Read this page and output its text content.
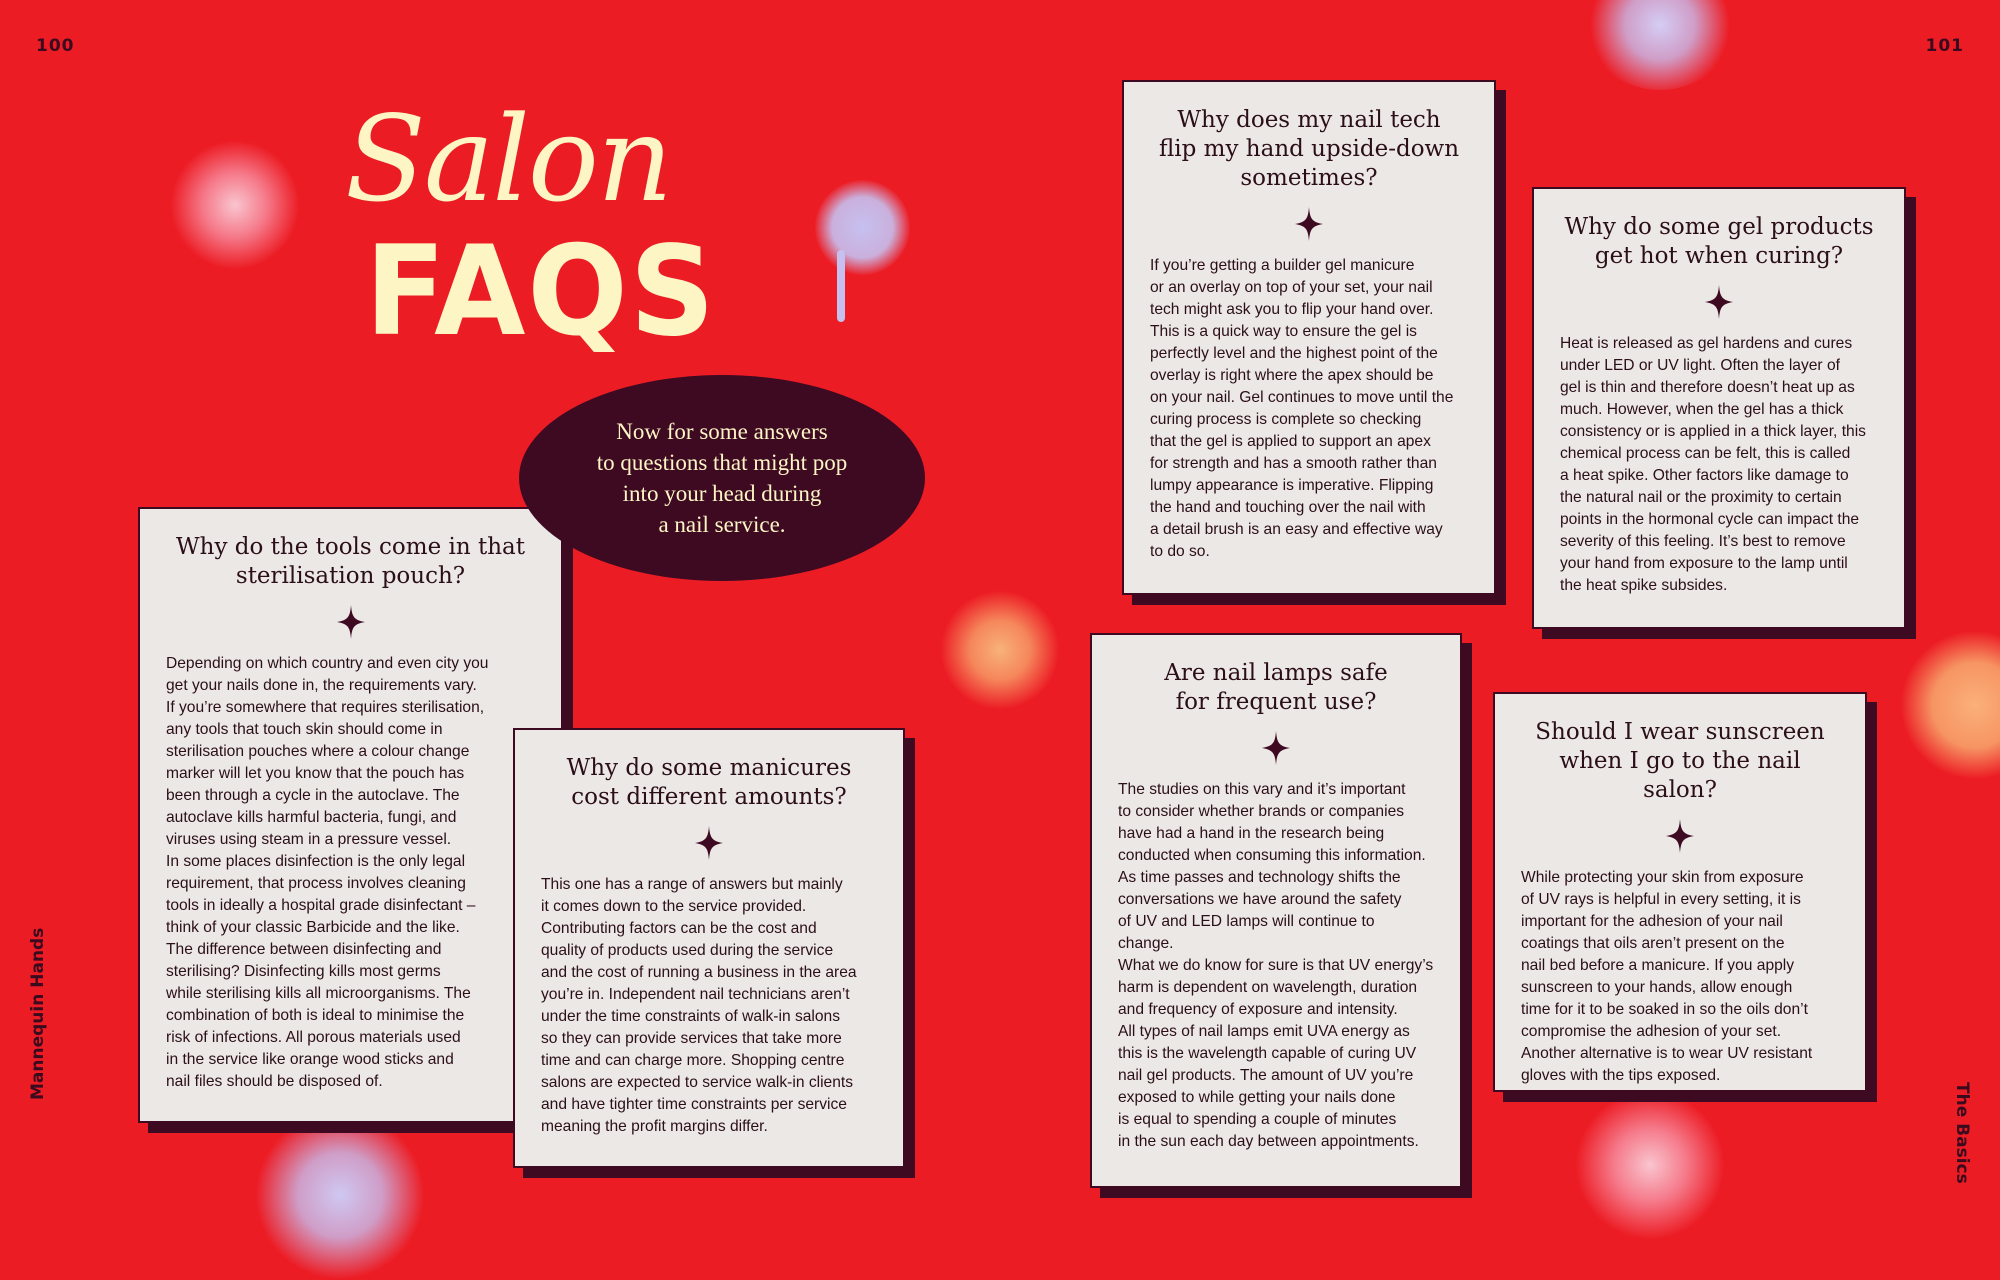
100	101
Mannequin Hands
The Basics
Salon
FAQS

Why do the tools come in that
sterilisation pouch?

Depending on which country and even city you
get your nails done in, the requirements vary.
If you’re somewhere that requires sterilisation,
any tools that touch skin should come in
sterilisation pouches where a colour change
marker will let you know that the pouch has
been through a cycle in the autoclave. The
autoclave kills harmful bacteria, fungi, and
viruses using steam in a pressure vessel.
In some places disinfection is the only legal
requirement, that process involves cleaning
tools in ideally a hospital grade disinfectant –
think of your classic Barbicide and the like.
The difference between disinfecting and
sterilising? Disinfecting kills most germs
while sterilising kills all microorganisms. The
combination of both is ideal to minimise the
risk of infections. All porous materials used
in the service like orange wood sticks and
nail files should be disposed of.

Now for some answers
to questions that might pop
into your head during
a nail service.

Why do some manicures
cost different amounts?

This one has a range of answers but mainly
it comes down to the service provided.
Contributing factors can be the cost and
quality of products used during the service
and the cost of running a business in the area
you’re in. Independent nail technicians aren’t
under the time constraints of walk-in salons
so they can provide services that take more
time and can charge more. Shopping centre
salons are expected to service walk-in clients
and have tighter time constraints per service
meaning the profit margins differ.

Why does my nail tech
flip my hand upside-down
sometimes?

If you’re getting a builder gel manicure
or an overlay on top of your set, your nail
tech might ask you to flip your hand over.
This is a quick way to ensure the gel is
perfectly level and the highest point of the
overlay is right where the apex should be
on your nail. Gel continues to move until the
curing process is complete so checking
that the gel is applied to support an apex
for strength and has a smooth rather than
lumpy appearance is imperative. Flipping
the hand and touching over the nail with
a detail brush is an easy and effective way
to do so.

Why do some gel products
get hot when curing?

Heat is released as gel hardens and cures
under LED or UV light. Often the layer of
gel is thin and therefore doesn’t heat up as
much. However, when the gel has a thick
consistency or is applied in a thick layer, this
chemical process can be felt, this is called
a heat spike. Other factors like damage to
the natural nail or the proximity to certain
points in the hormonal cycle can impact the
severity of this feeling. It’s best to remove
your hand from exposure to the lamp until
the heat spike subsides.

Are nail lamps safe
for frequent use?

The studies on this vary and it’s important
to consider whether brands or companies
have had a hand in the research being
conducted when consuming this information.
As time passes and technology shifts the
conversations we have around the safety
of UV and LED lamps will continue to change.
What we do know for sure is that UV energy’s
harm is dependent on wavelength, duration
and frequency of exposure and intensity.
All types of nail lamps emit UVA energy as
this is the wavelength capable of curing UV
nail gel products. The amount of UV you’re
exposed to while getting your nails done
is equal to spending a couple of minutes
in the sun each day between appointments.

Should I wear sunscreen
when I go to the nail salon?

While protecting your skin from exposure
of UV rays is helpful in every setting, it is
important for the adhesion of your nail
coatings that oils aren’t present on the
nail bed before a manicure. If you apply
sunscreen to your hands, allow enough
time for it to be soaked in so the oils don’t
compromise the adhesion of your set.
Another alternative is to wear UV resistant
gloves with the tips exposed.
